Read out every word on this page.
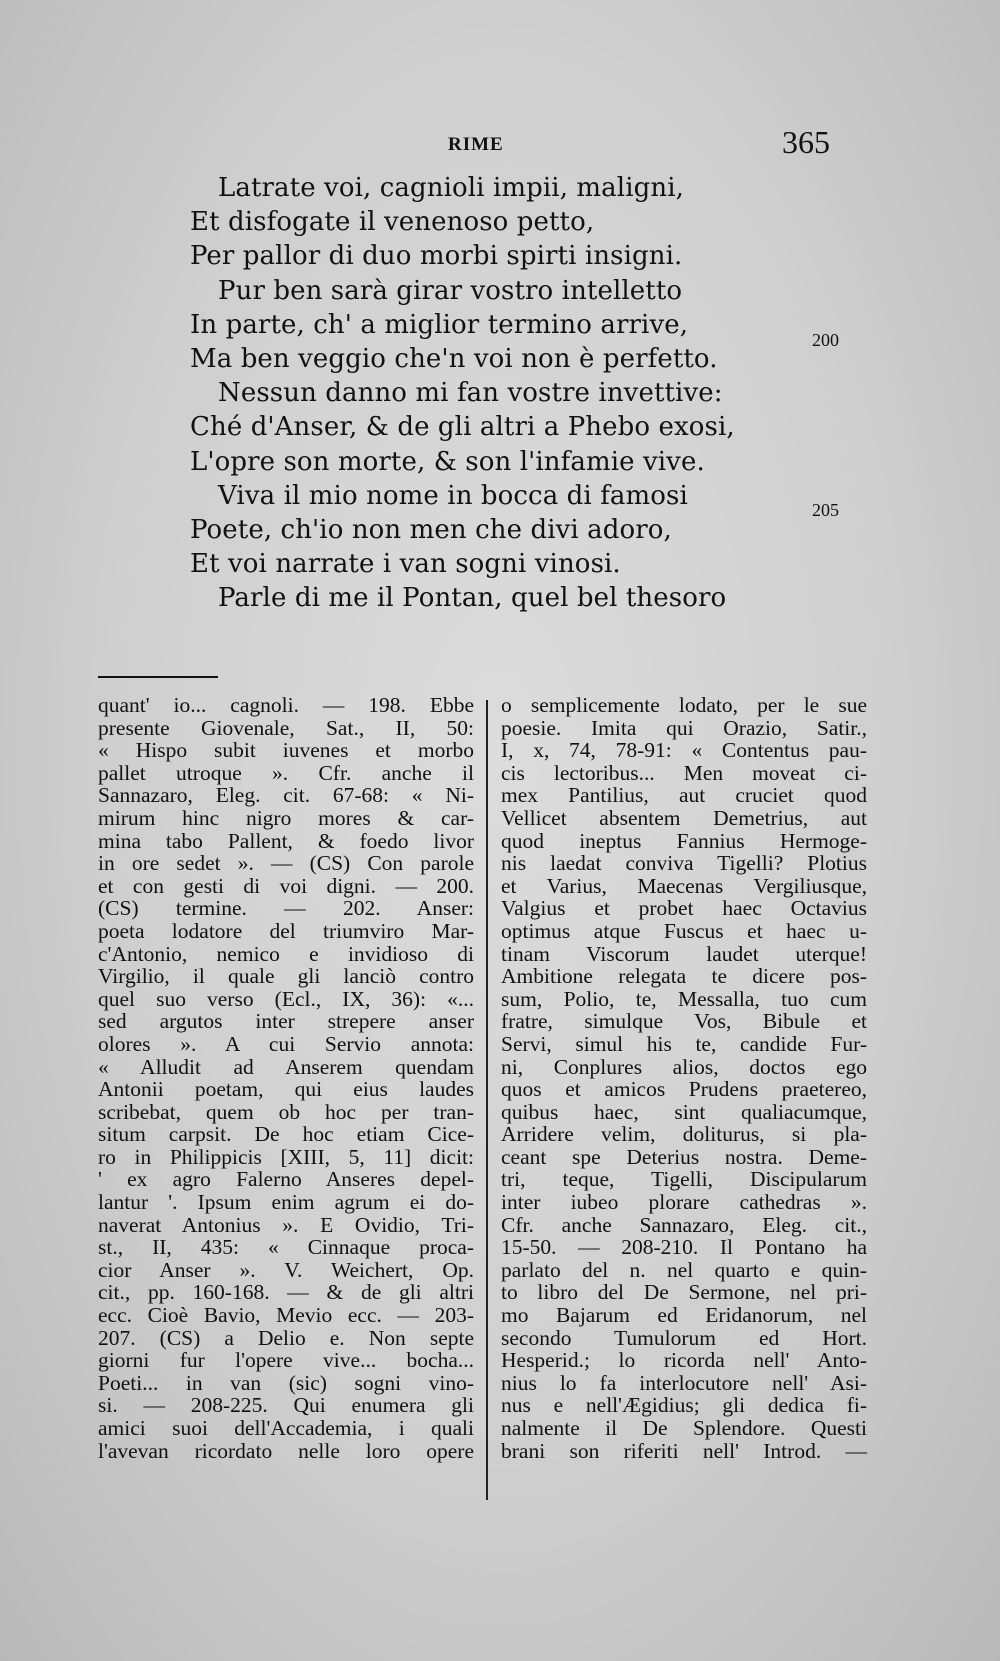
RIME	365
Latrate voi, cagnioli impii, maligni,
Et disfogate il venenoso petto,
Per pallor di duo morbi spirti insigni.
Pur ben sarà girar vostro intelletto
In parte, ch' a miglior termino arrive,
Ma ben veggio che'n voi non è perfetto.
Nessun danno mi fan vostre invettive:
Ché d'Anser, & de gli altri a Phebo exosi,
L'opre son morte, & son l'infamie vive.
Viva il mio nome in bocca di famosi
Poete, ch'io non men che divi adoro,
Et voi narrate i van sogni vinosi.
Parle di me il Pontan, quel bel thesoro
200
205
quant' io... cagnoli. — 198. Ebbe
presente Giovenale, Sat., II, 50:
« Hispo subit iuvenes et morbo
pallet utroque ». Cfr. anche il
Sannazaro, Eleg. cit. 67-68: « Ni-
mirum hinc nigro mores & car-
mina tabo Pallent, & foedo livor
in ore sedet ». — (CS) Con parole
et con gesti di voi digni. — 200.
(CS) termine. — 202. Anser:
poeta lodatore del triumviro Mar-
c'Antonio, nemico e invidioso di
Virgilio, il quale gli lanciò contro
quel suo verso (Ecl., IX, 36): «...
sed argutos inter strepere anser
olores ». A cui Servio annota:
« Alludit ad Anserem quendam
Antonii poetam, qui eius laudes
scribebat, quem ob hoc per tran-
situm carpsit. De hoc etiam Cice-
ro in Philippicis [XIII, 5, 11] dicit:
' ex agro Falerno Anseres depel-
lantur '. Ipsum enim agrum ei do-
naverat Antonius ». E Ovidio, Tri-
st., II, 435: « Cinnaque proca-
cior Anser ». V. Weichert, Op.
cit., pp. 160-168. — & de gli altri
ecc. Cioè Bavio, Mevio ecc. — 203-
207. (CS) a Delio e. Non septe
giorni fur l'opere vive... bocha...
Poeti... in van (sic) sogni vino-
si. — 208-225. Qui enumera gli
amici suoi dell'Accademia, i quali
l'avevan ricordato nelle loro opere
o semplicemente lodato, per le sue
poesie. Imita qui Orazio, Satir.,
I, x, 74, 78-91: « Contentus pau-
cis lectoribus... Men moveat ci-
mex Pantilius, aut cruciet quod
Vellicet absentem Demetrius, aut
quod ineptus Fannius Hermoge-
nis laedat conviva Tigelli? Plotius
et Varius, Maecenas Vergiliusque,
Valgius et probet haec Octavius
optimus atque Fuscus et haec u-
tinam Viscorum laudet uterque!
Ambitione relegata te dicere pos-
sum, Polio, te, Messalla, tuo cum
fratre, simulque Vos, Bibule et
Servi, simul his te, candide Fur-
ni, Conplures alios, doctos ego
quos et amicos Prudens praetereo,
quibus haec, sint qualiacumque,
Arridere velim, doliturus, si pla-
ceant spe Deterius nostra. Deme-
tri, teque, Tigelli, Discipularum
inter iubeo plorare cathedras ».
Cfr. anche Sannazaro, Eleg. cit.,
15-50. — 208-210. Il Pontano ha
parlato del n. nel quarto e quin-
to libro del De Sermone, nel pri-
mo Bajarum ed Eridanorum, nel
secondo Tumulorum ed Hort.
Hesperid.; lo ricorda nell' Anto-
nius lo fa interlocutore nell' Asi-
nus e nell'Ægidius; gli dedica fi-
nalmente il De Splendore. Questi
brani son riferiti nell' Introd. —
